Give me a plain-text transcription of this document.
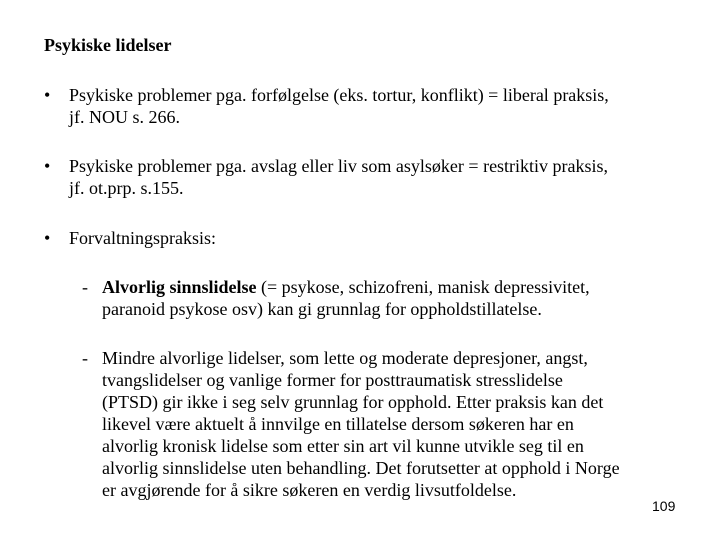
Psykiske lidelser
•	Psykiske problemer pga. forfølgelse (eks. tortur, konflikt) = liberal praksis,
jf. NOU s. 266.
•	Psykiske problemer pga. avslag eller liv som asylsøker = restriktiv praksis,
jf. ot.prp. s.155.
•	Forvaltningspraksis:
- Alvorlig sinnslidelse (= psykose, schizofreni, manisk depressivitet,
paranoid psykose osv) kan gi grunnlag for oppholdstillatelse.
- Mindre alvorlige lidelser, som lette og moderate depresjoner, angst,
tvangslidelser og vanlige former for posttraumatisk stresslidelse
(PTSD) gir ikke i seg selv grunnlag for opphold. Etter praksis kan det
likevel være aktuelt å innvilge en tillatelse dersom søkeren har en
alvorlig kronisk lidelse som etter sin art vil kunne utvikle seg til en
alvorlig sinnslidelse uten behandling. Det forutsetter at opphold i Norge
er avgjørende for å sikre søkeren en verdig livsutfoldelse.
109
